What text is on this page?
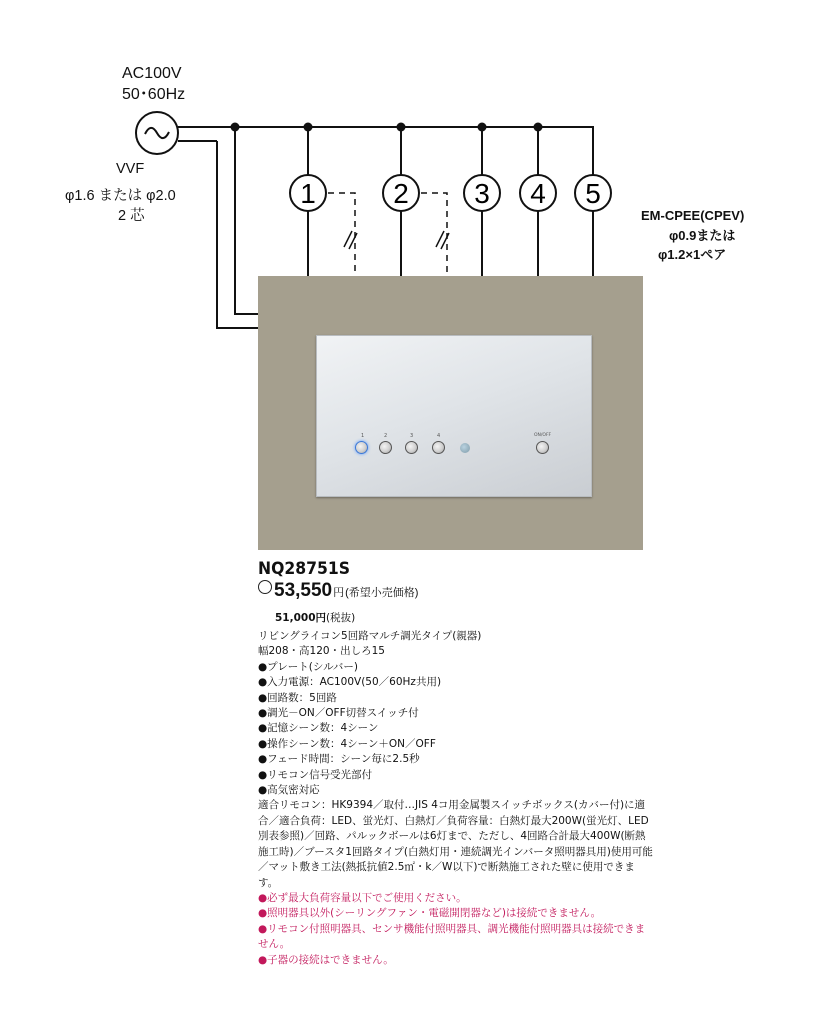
1	2 3 4 5
AC100V
50･60Hz
VVF
φ1.6 または φ2.0
2 芯	EM-CPEE(CPEV)
φ0.9または
φ1.2×1ペア
1	2	3	4	ON/OFF
NQ28751S
53,550円(希望小売価格)
51,000円(税抜)
リビングライコン5回路マルチ調光タイプ(親器)
幅208・高120・出しろ15
●プレート(シルバー)
●入力電源：AC100V(50／60Hz共用)
●回路数：5回路
●調光－ON／OFF切替スイッチ付
●記憶シーン数：4シーン
●操作シーン数：4シーン＋ON／OFF
●フェード時間：シーン毎に2.5秒
●リモコン信号受光部付
●高気密対応
適合リモコン：HK9394／取付…JIS 4コ用金属製スイッチボックス(カバー付)に適合／適合負荷：LED、蛍光灯、白熱灯／負荷容量：白熱灯最大200W(蛍光灯、LED別表参照)／回路、パルックボールは6灯まで、ただし、4回路合計最大400W(断熱施工時)／ブースタ1回路タイプ(白熱灯用・連続調光インバータ照明器具用)使用可能／マット敷き工法(熱抵抗値2.5㎡・k／W以下)で断熱施工された壁に使用できます。
●必ず最大負荷容量以下でご使用ください。
●照明器具以外(シーリングファン・電磁開閉器など)は接続できません。
●リモコン付照明器具、センサ機能付照明器具、調光機能付照明器具は接続できません。
●子器の接続はできません。
